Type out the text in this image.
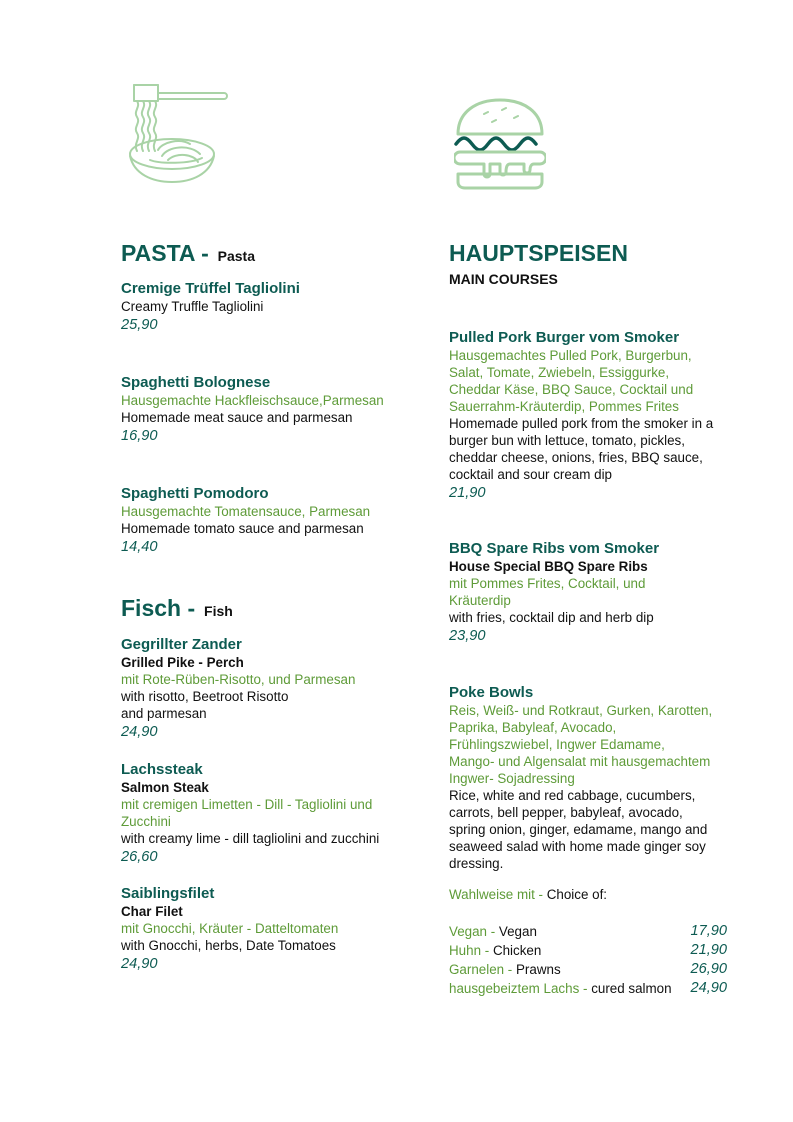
PASTA - Pasta
Cremige Trüffel Tagliolini
Creamy Truffle Tagliolini
25,90
Spaghetti Bolognese
Hausgemachte Hackfleischsauce,Parmesan
Homemade meat sauce and parmesan
16,90
Spaghetti Pomodoro
Hausgemachte Tomatensauce, Parmesan
Homemade tomato sauce and parmesan
14,40
Fisch - Fish
Gegrillter Zander
Grilled Pike - Perch
mit Rote-Rüben-Risotto, und Parmesan
with risotto, Beetroot Risotto
and parmesan
24,90
Lachssteak
Salmon Steak
mit cremigen Limetten - Dill - Tagliolini und
Zucchini
with creamy lime - dill tagliolini and zucchini
26,60
Saiblingsfilet
Char Filet
mit Gnocchi, Kräuter - Datteltomaten
with Gnocchi, herbs, Date Tomatoes
24,90
HAUPTSPEISEN
MAIN COURSES
Pulled Pork Burger vom Smoker
Hausgemachtes Pulled Pork, Burgerbun,
Salat, Tomate, Zwiebeln, Essiggurke,
Cheddar Käse, BBQ Sauce, Cocktail und
Sauerrahm-Kräuterdip, Pommes Frites
Homemade pulled pork from the smoker in a
burger bun with lettuce, tomato, pickles,
cheddar cheese, onions, fries, BBQ sauce,
cocktail and sour cream dip
21,90
BBQ Spare Ribs vom Smoker
House Special BBQ Spare Ribs
mit Pommes Frites, Cocktail, und
Kräuterdip
with fries, cocktail dip and herb dip
23,90
Poke Bowls
Reis, Weiß- und Rotkraut, Gurken, Karotten,
Paprika, Babyleaf, Avocado,
Frühlingszwiebel, Ingwer Edamame,
Mango- und Algensalat mit hausgemachtem
Ingwer- Sojadressing
Rice, white and red cabbage, cucumbers,
carrots, bell pepper, babyleaf, avocado,
spring onion, ginger, edamame, mango and
seaweed salad with home made ginger soy
dressing.
Wahlweise mit - Choice of:
Vegan - Vegan	17,90
Huhn - Chicken	21,90
Garnelen - Prawns	26,90
hausgebeiztem Lachs - cured salmon 24,90
